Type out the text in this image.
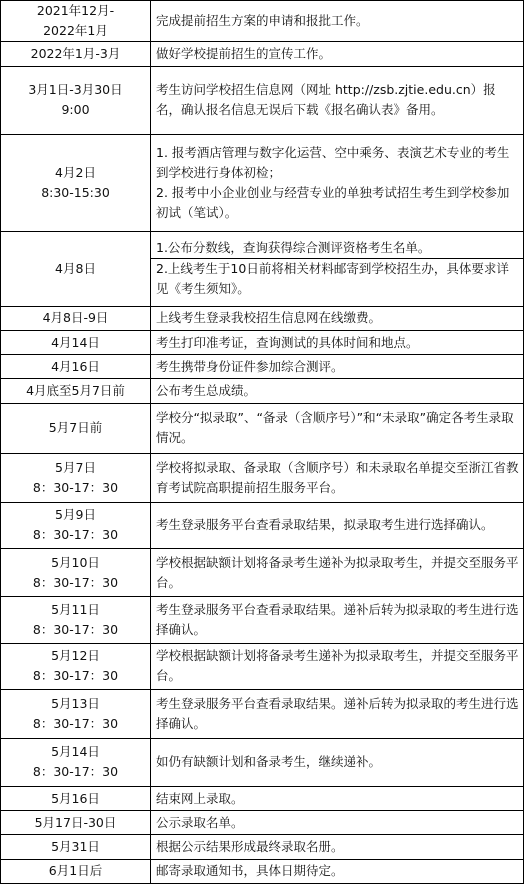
2021年12月-
2022年1月	完成提前招生方案的申请和报批工作。

2022年1月-3月	做好学校提前招生的宣传工作。

3月1日-3月30日
9:00	考生访问学校招生信息网（网址 http://zsb.zjtie.edu.cn）报名，确认报名信息无误后下载《报名确认表》备用。

4月2日
8:30-15:30	1. 报考酒店管理与数字化运营、空中乘务、表演艺术专业的考生到学校进行身体初检；
2. 报考中小企业创业与经营专业的单独考试招生考生到学校参加初试（笔试）。

4月8日	1.公布分数线，查询获得综合测评资格考生名单。
2.上线考生于10日前将相关材料邮寄到学校招生办，具体要求详见《考生须知》。

4月8日-9日	上线考生登录我校招生信息网在线缴费。

4月14日	考生打印准考证，查询测试的具体时间和地点。

4月16日	考生携带身份证件参加综合测评。

4月底至5月7日前	公布考生总成绩。

5月7日前	学校分“拟录取”、“备录（含顺序号）”和“未录取”确定各考生录取情况。

5月7日
8：30-17：30	学校将拟录取、备录取（含顺序号）和未录取名单提交至浙江省教育考试院高职提前招生服务平台。

5月9日
8：30-17：30	考生登录服务平台查看录取结果，拟录取考生进行选择确认。

5月10日
8：30-17：30	学校根据缺额计划将备录考生递补为拟录取考生，并提交至服务平台。

5月11日
8：30-17：30	考生登录服务平台查看录取结果。递补后转为拟录取的考生进行选择确认。

5月12日
8：30-17：30	学校根据缺额计划将备录考生递补为拟录取考生，并提交至服务平台。

5月13日
8：30-17：30	考生登录服务平台查看录取结果。递补后转为拟录取的考生进行选择确认。

5月14日
8：30-17：30	如仍有缺额计划和备录考生，继续递补。

5月16日	结束网上录取。

5月17日-30日	公示录取名单。

5月31日	根据公示结果形成最终录取名册。

6月1日后	邮寄录取通知书，具体日期待定。
